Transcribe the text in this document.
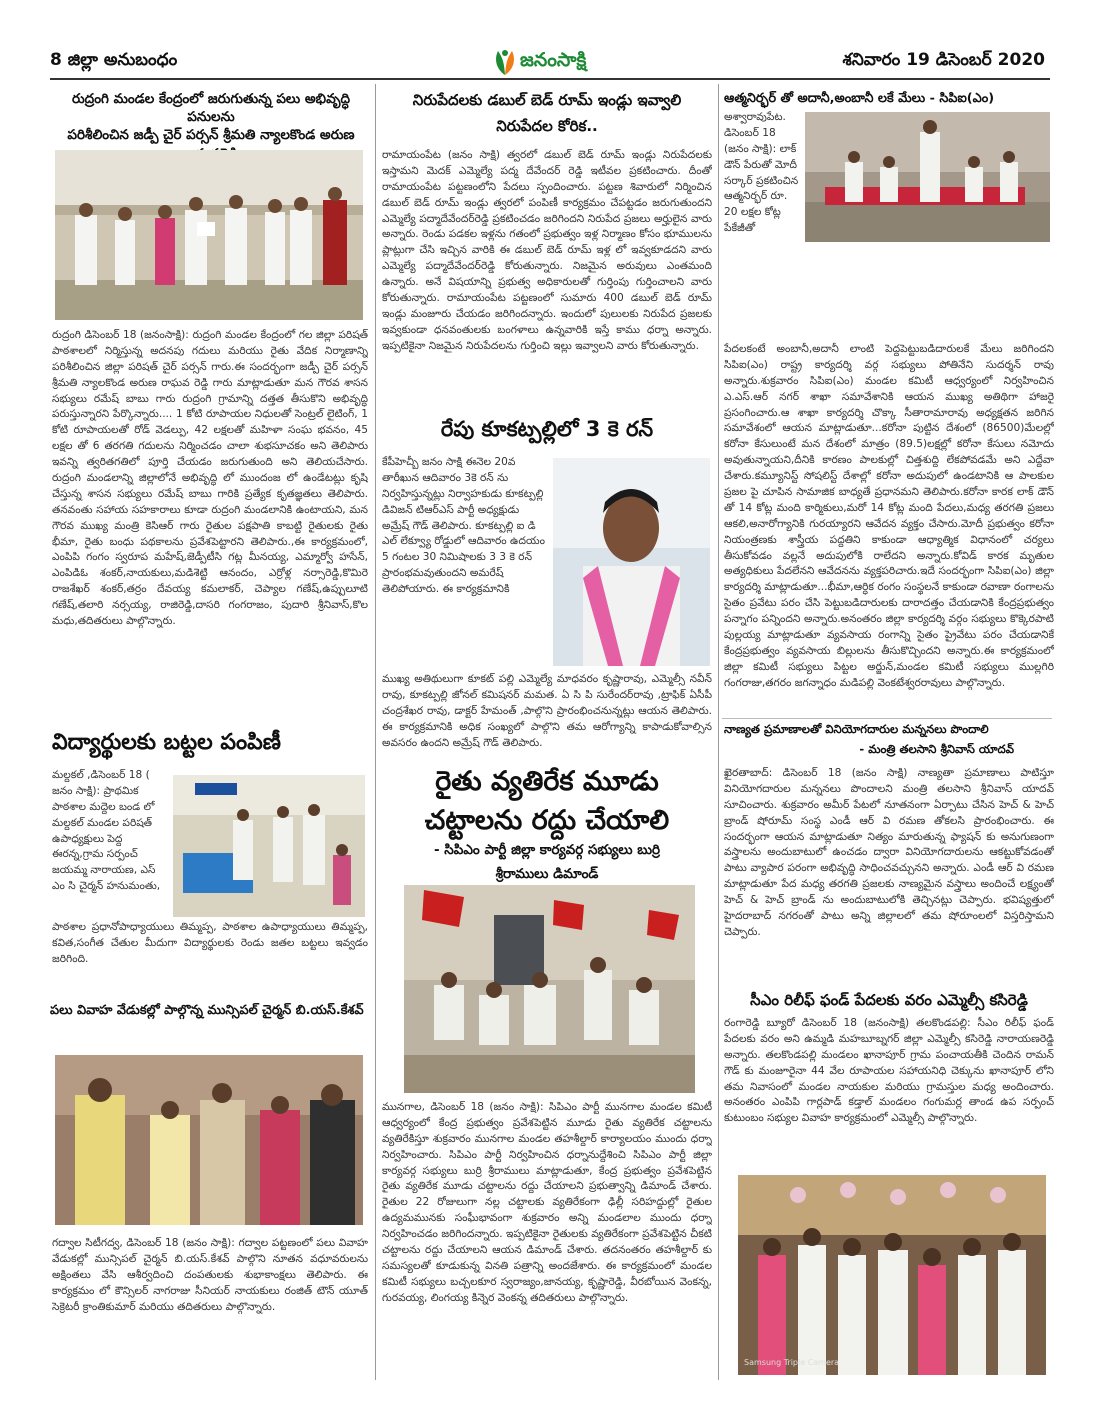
8 జిల్లా అనుబంధం	జనంసాక్షి	శనివారం 19 డిసెంబర్ 2020
రుద్రంగి మండల కేంద్రంలో జరుగుతున్న పలు అభివృద్ధి పనులను
పరిశీలించిన జడ్పీ చైర్ పర్సన్ శ్రీమతి న్యాలకొండ అరుణ
రుద్రంగి డిసెంబర్ 18 (జనంసాక్షి): రుద్రంగి మండల కేంద్రంలో గల జిల్లా పరిషత్ పాఠశాలలో నిర్మిస్తున్న అదనపు గదులు మరియు రైతు వేదిక నిర్మాణాన్ని పరిశీలించిన జిల్లా పరిషత్ చైర్ పర్సన్ గారు.ఈ సందర్భంగా జడ్పీ చైర్ పర్సన్ శ్రీమతి న్యాలకొండ అరుణ రాఘవ రెడ్డి గారు మాట్లాడుతూ మన గౌరవ శాసన సభ్యులు రమేష్ బాబు గారు రుద్రంగి గ్రామాన్ని దత్తత తీసుకొని అభివృద్ధి పరుస్తున్నారని పేర్కొన్నారు.... 1 కోటి రూపాయల నిధులతో సెంట్రల్ లైటింగ్, 1 కోటి రూపాయలతో రోడ్ వెడల్పు, 42 లక్షలతో మహిళా సంఘ భవనం, 45 లక్షల తో 6 తరగతి గదులను నిర్మించడం చాలా శుభసూచకం అని తెలిపారు ఇవన్ని త్వరితగతిలో పూర్తి చేయడం జరుగుతుంది అని తెలియచేసారు. రుద్రంగి మండలాన్ని జిల్లాలోనే అభివృద్ధి లో ముందంజ లో ఉండేటట్లు కృషి చేస్తున్న శాసన సభ్యులు రమేష్ బాబు గారికి ప్రత్యేక కృతజ్ఞతలు తెలిపారు. తనవంతు సహాయ సహకారాలు కూడా రుద్రంగి మండలానికి ఉంటాయని, మన గౌరవ ముఖ్య మంత్రి కెసిఆర్ గారు రైతుల పక్షపాతి కాబట్టి రైతులకు రైతు భీమా, రైతు బంధు పథకాలను ప్రవేశపెట్టారని తెలిపారు.,ఈ కార్యక్రమంలో, ఎంపిపి గంగం స్వరూప మహేష్,జెడ్పీటీసి గట్ల మీనయ్య, ఎమ్మార్వో హసేన్, ఎంపిడిఓ శంకర్,నాయకులు,మడిశెట్టి ఆనందం, ఎర్రోళ్ల నర్సారెడ్డి,కొమిరె రాజశేఖర్ శంకర్,తర్రం దేవయ్య కమలాకర్, చెప్యాల గణేష్,ఉప్పులూటి గణేష్,తలారి నర్సయ్య, రాజిరెడ్డి,దాసరి గంగరాజం, పుదారి శ్రీనివాస్,కొల మధు,తదితరులు పాల్గొన్నారు.
విద్యార్థులకు బట్టల పంపిణీ
మల్దకల్ ,డిసెంబర్ 18 ( జనం సాక్షి): ప్రాథమిక పాఠశాల మద్దెల బండ లో మల్దకల్ మండల పరిషత్ ఉపాధ్యక్షులు పెద్ద ఈరన్న,గ్రామ సర్పంచ్ జయమ్మ నారాయణ, ఎస్ ఎం సి చైర్మన్ హనుమంతు,
పాఠశాల ప్రధానోపాధ్యాయులు తిమ్మప్ప, పాఠశాల ఉపాధ్యాయులు తిమ్మప్ప, కవిత,సంగీత చేతుల మీదుగా విద్యార్థులకు రెండు జతల బట్టలు ఇవ్వడం జరిగింది.
పలు వివాహ వేడుకల్లో పాల్గొన్న మున్సిపల్ చైర్మన్ బి.యస్.కేశవ్
గద్వాల సిటీగద్వ, డిసెంబర్ 18 (జనం సాక్షి): గద్వాల పట్టణంలో పలు వివాహ వేడుకల్లో మున్సిపల్ చైర్మన్ బి.యస్.కేశవ్ పాల్గొని నూతన వధూవరులను అక్షింతలు వేసి ఆశీర్వదించి దంపతులకు శుభాకాంక్షలు తెలిపారు. ఈ కార్యక్రమం లో కౌన్సిలర్ నాగరాజు సీనియర్ నాయకులు రంజిత్ టౌన్ యూత్ సెక్రెటరీ క్రాంతికుమార్ మరియు తదితరులు పాల్గొన్నారు.
నిరుపేదలకు డబుల్ బెడ్ రూమ్ ఇండ్లు ఇవ్వాలి
నిరుపేదల కోరిక..
రామాయంపేట (జనం సాక్షి) త్వరలో డబుల్ బెడ్ రూమ్ ఇండ్లు నిరుపేదలకు ఇస్తామని మెదక్ ఎమ్మెల్యే పద్మ దేవేందర్ రెడ్డి ఇటీవల ప్రకటించారు. దీంతో రామాయంపేట పట్టణంలోని పేదలు స్పందించారు. పట్టణ శివారులో నిర్మించిన డబుల్ బెడ్ రూమ్ ఇండ్లు త్వరలో పంపిణీ కార్యక్రమం చేపట్టడం జరుగుతుందని ఎమ్మెల్యే పద్మాదేవేందర్‌రెడ్డి ప్రకటించడం జరిగిందని నిరుపేద ప్రజలు అర్హులైన వారు అన్నారు. రెండు పడకల ఇళ్లను గతంలో ప్రభుత్వం ఇళ్ల నిర్మాణం కోసం భూములను ప్లాట్లుగా చేసి ఇచ్చిన వారికి ఈ డబుల్ బెడ్ రూమ్ ఇళ్ల లో ఇవ్వకూడదని వారు ఎమ్మెల్యే పద్మాదేవేందర్‌రెడ్డి కోరుతున్నారు. నిజమైన అరువులు ఎంతమంది ఉన్నారు. అనే విషయాన్ని ప్రభుత్వ అధికారులతో గుర్తింపు గుర్తించాలని వారు కోరుతున్నారు. రామాయంపేట పట్టణంలో సుమారు 400 డబుల్ బెడ్ రూమ్ ఇండ్లు మంజూరు చేయడం జరిగిందన్నారు. ఇందులో పులులకు నిరుపేద ప్రజలకు ఇవ్వకుండా ధనవంతులకు బంగళాలు ఉన్నవారికి ఇస్తే కాము ధర్నా అన్నారు. ఇప్పటికైనా నిజమైన నిరుపేదలను గుర్తించి ఇల్లు ఇవ్వాలని వారు కోరుతున్నారు.
రేపు కూకట్పల్లిలో 3 కె రన్
కేపీహెచ్బీ జనం సాక్షి ఈనెల 20వ తారీఖున ఆదివారం 3కె రన్ ను నిర్వహిస్తున్నట్లు నిర్వాహకుడు కూకట్పల్లి డివిజన్ టిఆర్ఎస్ పార్టీ అధ్యక్షుడు అమ్రేష్ గౌడ్ తెలిపారు. కూకట్పల్లి ఐ డి ఎల్ లేక్వ్యూ రోడ్డులో ఆదివారం ఉదయం 5 గంటల 30 నిమిషాలకు 3 3 కె రన్ ప్రారంభమవుతుందని అమరేష్ తెలిపోయారు. ఈ కార్యక్రమానికి
ముఖ్య అతిథులుగా కూకట్ పల్లి ఎమ్మెల్యే మాధవరం కృష్ణారావు, ఎమ్మెల్సీ నవీన్ రావు, కూకట్పల్లి జోనల్ కమిషనర్ మమత. ఏ సి పి సురేందర్‌రావు ,ట్రాఫిక్ ఏసీపీ చంద్రశేఖర రావు, డాక్టర్ హేమంత్ ,పాల్గొని ప్రారంభించనున్నట్లు ఆయన తెలిపారు. ఈ కార్యక్రమానికి అధిక సంఖ్యలో పాల్గొని తమ ఆరోగ్యాన్ని కాపాడుకోవాల్సిన అవసరం ఉందని అమ్రేష్ గౌడ్ తెలిపారు.
రైతు వ్యతిరేక మూడు
చట్టాలను రద్దు చేయాలి
- సిపిఎం పార్టీ జిల్లా కార్యవర్గ సభ్యులు బుర్రి
శ్రీరాములు డిమాండ్
మునగాల, డిసెంబర్ 18 (జనం సాక్షి): సిపిఎం పార్టీ మునగాల మండల కమిటీ ఆధ్వర్యంలో కేంద్ర ప్రభుత్వం ప్రవేశపెట్టిన మూడు రైతు వ్యతిరేక చట్టాలను వ్యతిరేకిస్తూ శుక్రవారం మునగాల మండల తహశీల్దార్ కార్యాలయం ముందు ధర్నా నిర్వహించారు. సిపిఎం పార్టీ నిర్వహించిన ధర్నానుద్దేశించి సిపిఎం పార్టీ జిల్లా కార్యవర్గ సభ్యులు బుర్రి శ్రీరాములు మాట్లాడుతూ, కేంద్ర ప్రభుత్వం ప్రవేశపెట్టిన రైతు వ్యతిరేక మూడు చట్టాలను రద్దు చేయాలని ప్రభుత్వాన్ని డిమాండ్ చేశారు. రైతుల 22 రోజులుగా నల్ల చట్టాలకు వ్యతిరేకంగా ఢిల్లీ సరిహద్దుల్లో రైతుల ఉద్యమమునకు సంఘీభావంగా శుక్రవారం అన్ని మండలాల ముందు ధర్నా నిర్వహించడం జరిగిందన్నారు. ఇప్పటికైనా రైతులకు వ్యతిరేకంగా ప్రవేశపెట్టిన చీకటి చట్టాలను రద్దు చేయాలని ఆయన డిమాండ్ చేశారు. తదనంతరం తహశీల్దార్ కు సమస్యలతో కూడుకున్న వినతి పత్రాన్ని అందజేశారు. ఈ కార్యక్రమంలో మండల కమిటీ సభ్యులు బచ్చలకూర స్వరాజ్యం,జానయ్య, కృష్ణారెడ్డి, వీరబోయిన వెంకన్న, గురవయ్య, లింగయ్య కిన్నెర వెంకన్న తదితరులు పాల్గొన్నారు.
ఆత్మనిర్భర్ తో అదానీ,అంబానీ లకే మేలు - సిపిఐ(ఎం)
అశ్వారావుపేట. డిసెంబర్ 18 (జనం సాక్షి): లాక్ డౌన్ పేరుతో మోదీ సర్కార్ ప్రకటించిన ఆత్మనిర్భర్ రూ. 20 లక్షల కోట్ల పేకేజీతో
పేదలకంటే అంబానీ,అదానీ లాంటి పెద్దపెట్టుబడిదారులకే మేలు జరిగిందని సిపిఐ(ఎం) రాష్ట్ర కార్యదర్శి వర్గ సభ్యులు పోతినేని సుదర్శన్ రావు అన్నారు.శుక్రవారం సిపిఐ(ఎం) మండల కమిటీ ఆధ్వర్యంలో నిర్వహించిన ఎ.ఎస్.ఆర్ నగర్ శాఖా సమావేశానికి ఆయన ముఖ్య అతిథిగా హాజరై ప్రసంగించారు.ఆ శాఖా కార్యదర్శి చొక్కా సీతారామారావు అధ్యక్షతన జరిగిన సమావేశంలో ఆయన మాట్లాడుతూ...కరోనా పుట్టిన దేశంలో (86500)మేలల్లో కరోనా కేసులుంటే మన దేశంలో మాత్రం (89.5)లక్షల్లో కరోనా కేసులు నమోదు అవుతున్నాయని,దీనికి కారణం పాలకుల్లో చిత్తశుద్ది లేకపోవడమే అని ఎద్దేవా చేశారు.కమ్యూనిస్ట్ సోషలిస్ట్ దేశాల్లో కరోనా అదుపులో ఉండటానికి ఆ పాలకుల ప్రజల పై చూపిన సామాజిక బాధ్యతే ప్రధానమని తెలిపారు.కరోనా కారక లాక్ డౌన్ తో 14 కోట్ల మంది కార్మికులు,మరో 14 కోట్ల మంది పేదలు,మధ్య తరగతి ప్రజలు ఆకలి,అనారోగ్యానికి గురయ్యారని ఆవేదన వ్యక్తం చేసారు.మోదీ ప్రభుత్వం కరోనా నియంత్రణకు శాస్త్రీయ పద్దతిని కాకుండా ఆధ్యాత్మిక విధానంలో చర్యలు తీసుకోవడం వల్లనే అదుపులోకి రాలేదని అన్నారు.కోవిడ్ కారక మృతుల అత్యధికులు పేదలేనని ఆవేదనను వ్యక్తపరిచారు.ఇదే సందర్భంగా సిపిఐ(ఎం) జిల్లా కార్యదర్శి మాట్లాడుతూ...భీమా,ఆర్ధిక రంగం సంస్థలనే కాకుండా రవాణా రంగాలను సైతం ప్రవేటు పరం చేసి పెట్టుబడిదారులకు దారాదత్తం చేయడానికి కేంద్రప్రభుత్వం పన్నాగం పన్నిందని అన్నారు.అనంతరం జిల్లా కార్యదర్శి వర్గం సభ్యులు కొక్కెరపాటి పుల్లయ్య మాట్లాడుతూ వ్యవసాయ రంగాన్ని సైతం ప్రైవేటు పరం చేయడానికే కేంద్రప్రభుత్వం వ్యవసాయ బిల్లులను తీసుకొచ్చిందని అన్నారు.ఈ కార్యక్రమంలో జిల్లా కమిటీ సభ్యులు పిట్టల అర్జున్,మండల కమిటీ సభ్యులు ముల్లగిరి గంగరాజు,తగరం జగన్నాధం మడిపల్లి వెంకటేశ్వరరావులు పాల్గొన్నారు.
నాణ్యత ప్రమాణాలతో వినియోగదారుల మన్ననలు పొందాలి
- మంత్రి తలసాని శ్రీనివాస్ యాదవ్
ఖైరతాబాద్: డిసెంబర్ 18 (జనం సాక్షి) నాణ్యతా ప్రమాణాలు పాటిస్తూ వినియోగదారుల మన్ననలు పొందాలని మంత్రి తలసాని శ్రీనివాస్ యాదవ్ సూచించారు. శుక్రవారం అమీర్ పేటలో నూతనంగా ఏర్పాటు చేసిన హెచ్ & హెచ్ బ్రాండ్ షోరూమ్ సంస్థ ఎండీ ఆర్ వి రమణ తోకలసి ప్రారంభించారు. ఈ సందర్భంగా ఆయన మాట్లాడుతూ నిత్యం మారుతున్న ఫ్యాషన్ కు అనుగుణంగా వస్త్రాలను అందుబాటులో ఉంచడం ద్వారా వినియోగదారులను ఆకట్టుకోవడంతో పాటు వ్యాపార పరంగా అభివృద్ధి సాధించవచ్చునని అన్నారు. ఎండీ ఆర్ వి రమణ మాట్లాడుతూ పేద మధ్య తరగతి ప్రజలకు నాణ్యమైన వస్త్రాలు అందించే లక్ష్యంతో హెచ్ & హెచ్ బ్రాండ్ ను అందుబాటులోకి తెచ్చినట్లు చెప్పారు. భవిష్యత్తులో హైదరాబాద్ నగరంతో పాటు అన్ని జిల్లాలలో తమ షోరూంలలో విస్తరిస్తామని చెప్పారు.
సీఎం రిలీఫ్ ఫండ్ పేదలకు వరం ఎమ్మెల్సీ కసిరెడ్డి
రంగారెడ్డి బ్యూరో డిసెంబర్ 18 (జనంసాక్షి) తలకొండపల్లి: సీఎం రిలీఫ్ ఫండ్ పేదలకు వరం అని ఉమ్మడి మహబూబ్నగర్ జిల్లా ఎమ్మెల్సీ కసిరెడ్డి నారాయణరెడ్డి అన్నారు. తలకొండపల్లి మండలం ఖానాపూర్ గ్రామ పంచాయతీకి చెందిన రామన్ గౌడ్ కు మంజూరైనా 44 వేల రూపాయల సహాయనిధి చెక్కును ఖానాపూర్ లోని తమ నివాసంలో మండల నాయకుల మరియు గ్రామస్తుల మధ్య అందించారు. అనంతరం ఎంపిపి గార్లపాడ్ కడ్తాల్ మండలం గంగుమర్ల తాండ ఉప సర్పంచ్ కుటుంబం సభ్యుల వివాహ కార్యక్రమంలో ఎమ్మెల్సీ పాల్గొన్నారు.
Samsung Triple Camera
